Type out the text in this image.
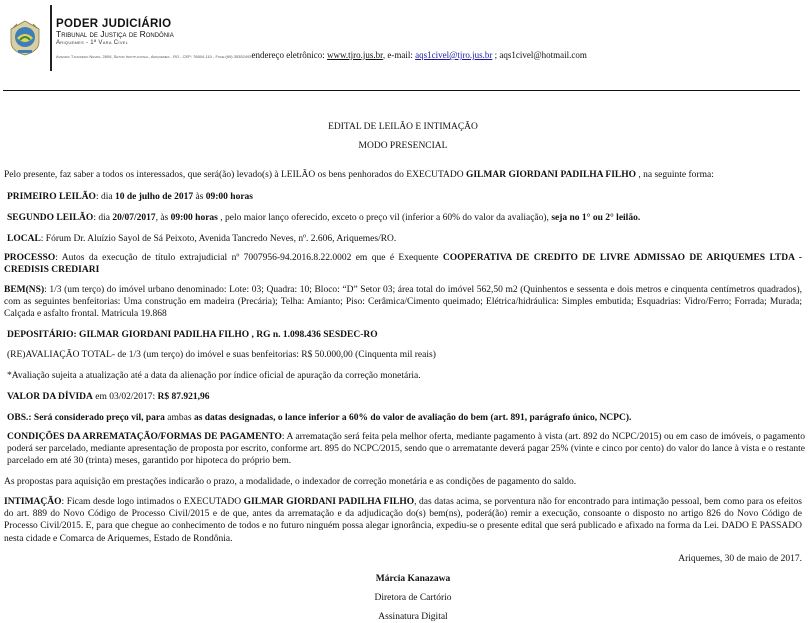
PODER JUDICIÁRIO
Tribunal de Justiça de Rondônia
Ariquemes - 1ª Vara Cível
Avenida Tancredo Neves, 2606, Setor Institucional, Ariquemes - RO - CEP: 76804-110 - Fone:(69) 35352493endereço eletrônico: www.tjro.jus.br, e-mail: aqs1civel@tjro.jus.br ; aqs1civel@hotmail.com
EDITAL DE LEILÃO E INTIMAÇÃO
MODO PRESENCIAL

Pelo presente, faz saber a todos os interessados, que será(ão) levado(s) à LEILÃO os bens penhorados do EXECUTADO GILMAR GIORDANI PADILHA FILHO , na seguinte forma:

PRIMEIRO LEILÃO: dia 10 de julho de 2017 às 09:00 horas

SEGUNDO LEILÃO: dia 20/07/2017, às 09:00 horas , pelo maior lanço oferecido, exceto o preço vil (inferior a 60% do valor da avaliação), seja no 1° ou 2° leilão.

LOCAL: Fórum Dr. Aluízio Sayol de Sá Peixoto, Avenida Tancredo Neves, nº. 2.606, Ariquemes/RO.

PROCESSO: Autos da execução de título extrajudicial nº 7007956-94.2016.8.22.0002 em que é Exequente COOPERATIVA DE CREDITO DE LIVRE ADMISSAO DE ARIQUEMES LTDA - CREDISIS CREDIARI

BEM(NS): 1/3 (um terço) do imóvel urbano denominado: Lote: 03; Quadra: 10; Bloco: “D” Setor 03; área total do imóvel 562,50 m2 (Quinhentos e sessenta e dois metros e cinquenta centímetros quadrados), com as seguintes benfeitorias: Uma construção em madeira (Precária); Telha: Amianto; Piso: Cerâmica/Cimento queimado; Elétrica/hidráulica: Simples embutida; Esquadrias: Vidro/Ferro; Forrada; Murada; Calçada e asfalto frontal. Matricula 19.868

DEPOSITÁRIO: GILMAR GIORDANI PADILHA FILHO , RG n. 1.098.436 SESDEC-RO

(RE)AVALIAÇÃO TOTAL- de 1/3 (um terço) do imóvel e suas benfeitorias: R$ 50.000,00 (Cinquenta mil reais)

*Avaliação sujeita a atualização até a data da alienação por índice oficial de apuração da correção monetária.

VALOR DA DÍVIDA em 03/02/2017: R$ 87.921,96

OBS.: Será considerado preço vil, para ambas as datas designadas, o lance inferior a 60% do valor de avaliação do bem (art. 891, parágrafo único, NCPC).

CONDIÇÕES DA ARREMATAÇÃO/FORMAS DE PAGAMENTO: A arrematação será feita pela melhor oferta, mediante pagamento à vista (art. 892 do NCPC/2015) ou em caso de imóveis, o pagamento poderá ser parcelado, mediante apresentação de proposta por escrito, conforme art. 895 do NCPC/2015, sendo que o arrematante deverá pagar 25% (vinte e cinco por cento) do valor do lance à vista e o restante parcelado em até 30 (trinta) meses, garantido por hipoteca do próprio bem.

As propostas para aquisição em prestações indicarão o prazo, a modalidade, o indexador de correção monetária e as condições de pagamento do saldo.

INTIMAÇÃO: Ficam desde logo intimados o EXECUTADO GILMAR GIORDANI PADILHA FILHO, das datas acima, se porventura não for encontrado para intimação pessoal, bem como para os efeitos do art. 889 do Novo Código de Processo Civil/2015 e de que, antes da arrematação e da adjudicação do(s) bem(ns), poderá(ão) remir a execução, consoante o disposto no artigo 826 do Novo Código de Processo Civil/2015. E, para que chegue ao conhecimento de todos e no futuro ninguém possa alegar ignorância, expediu-se o presente edital que será publicado e afixado na forma da Lei. DADO E PASSADO nesta cidade e Comarca de Ariquemes, Estado de Rondônia.

Ariquemes, 30 de maio de 2017.

Márcia Kanazawa

Diretora de Cartório

Assinatura Digital
